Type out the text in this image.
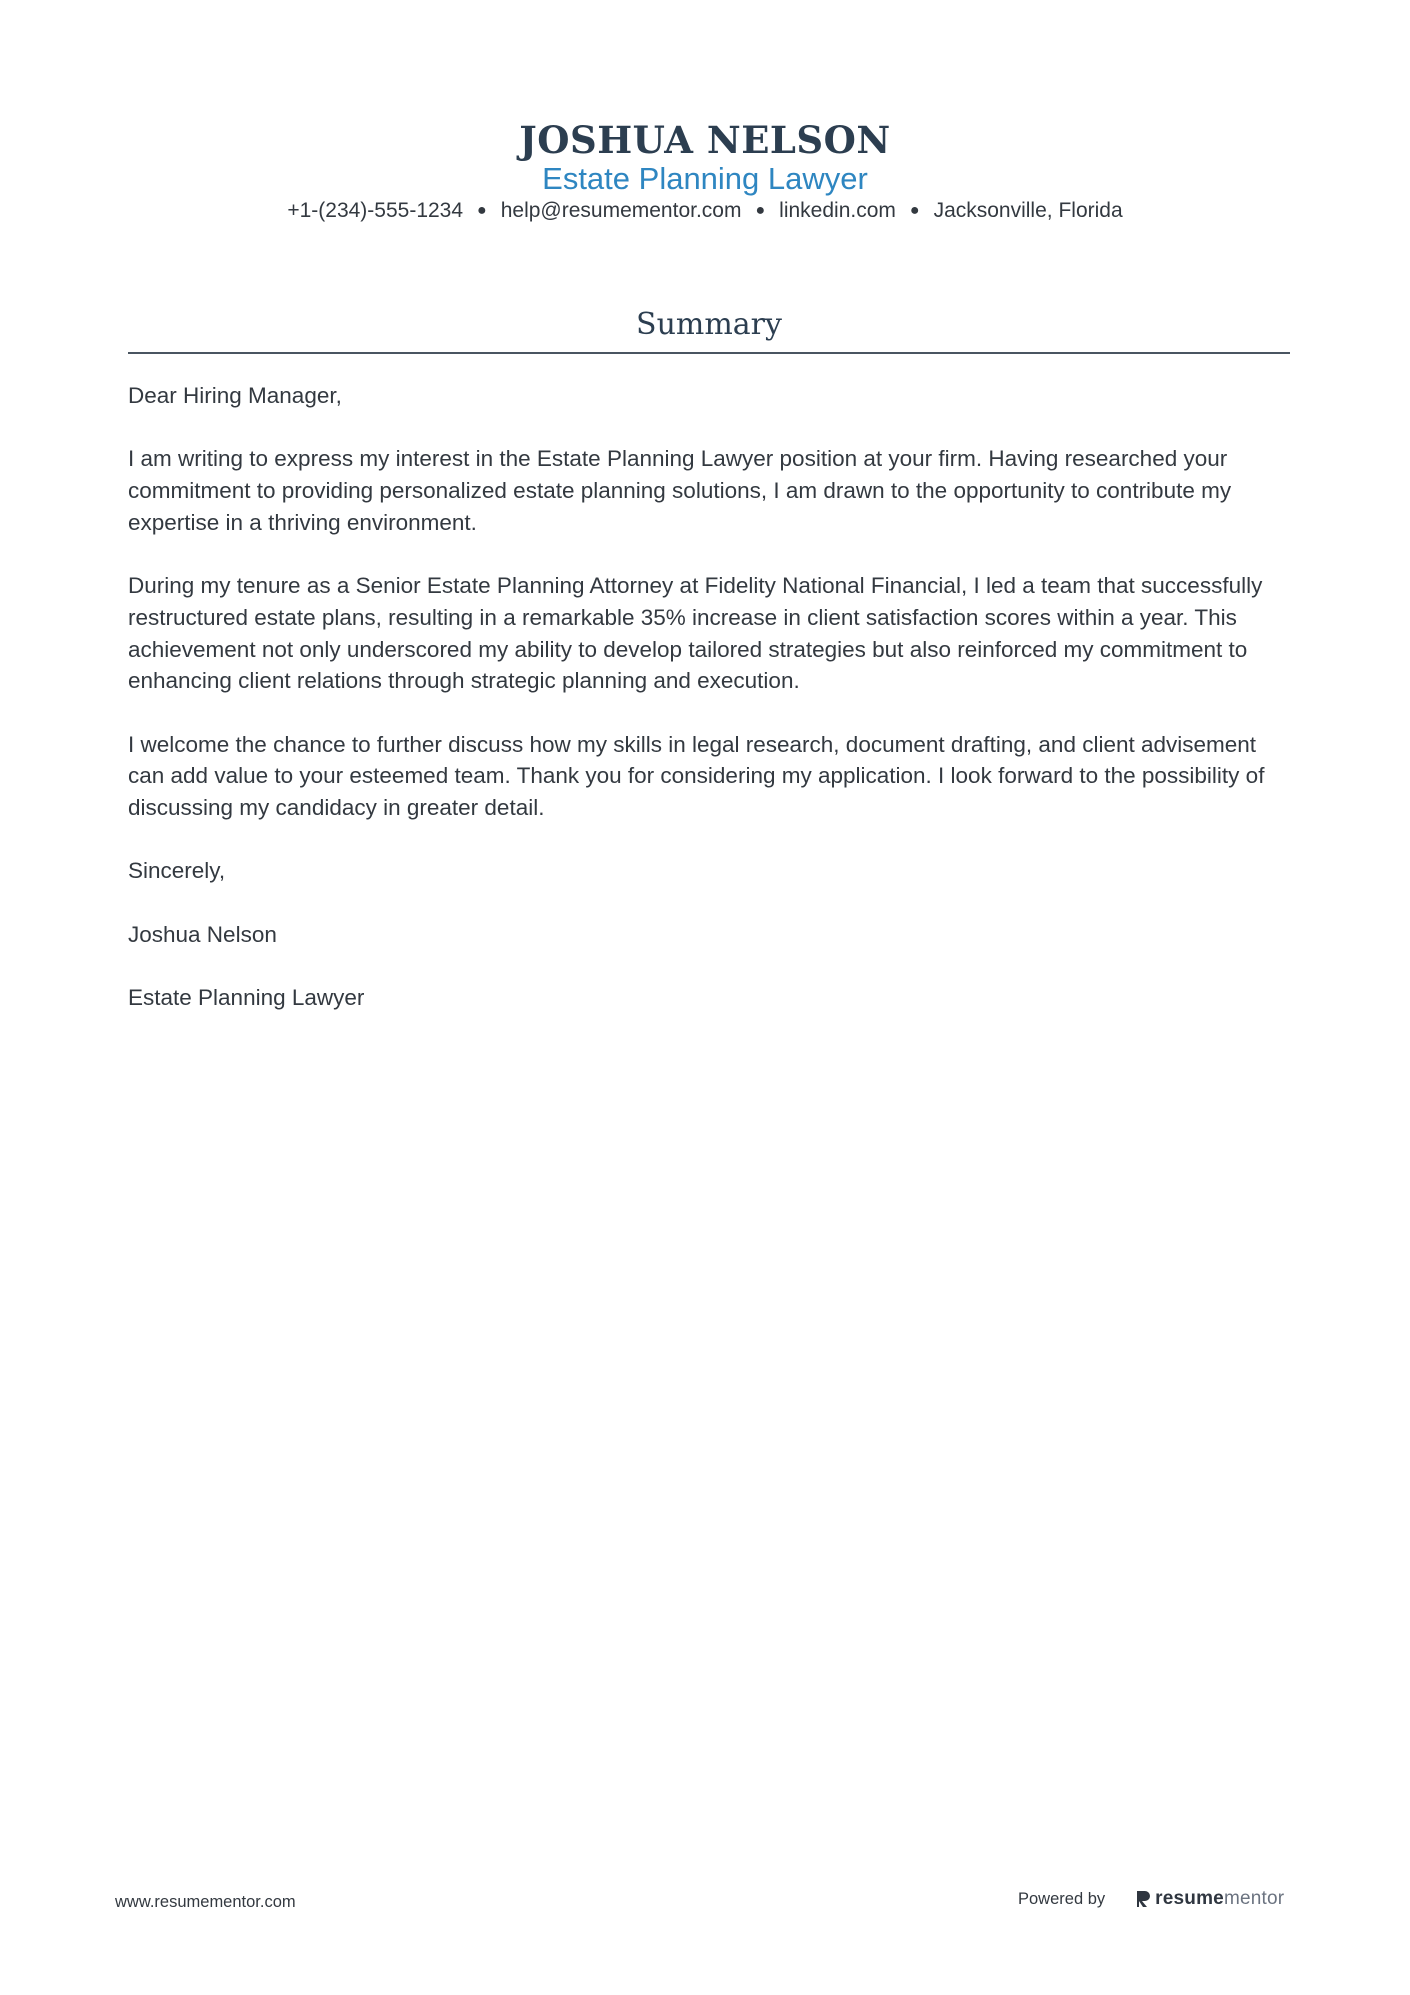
JOSHUA NELSON
Estate Planning Lawyer
+1-(234)-555-1234 ● help@resumementor.com ● linkedin.com ● Jacksonville, Florida
Summary

Dear Hiring Manager,

I am writing to express my interest in the Estate Planning Lawyer position at your firm. Having researched your commitment to providing personalized estate planning solutions, I am drawn to the opportunity to contribute my expertise in a thriving environment.

During my tenure as a Senior Estate Planning Attorney at Fidelity National Financial, I led a team that successfully restructured estate plans, resulting in a remarkable 35% increase in client satisfaction scores within a year. This achievement not only underscored my ability to develop tailored strategies but also reinforced my commitment to enhancing client relations through strategic planning and execution.

I welcome the chance to further discuss how my skills in legal research, document drafting, and client advisement can add value to your esteemed team. Thank you for considering my application. I look forward to the possibility of discussing my candidacy in greater detail.

Sincerely,

Joshua Nelson

Estate Planning Lawyer

www.resumementor.com	Powered by	resume mentor
